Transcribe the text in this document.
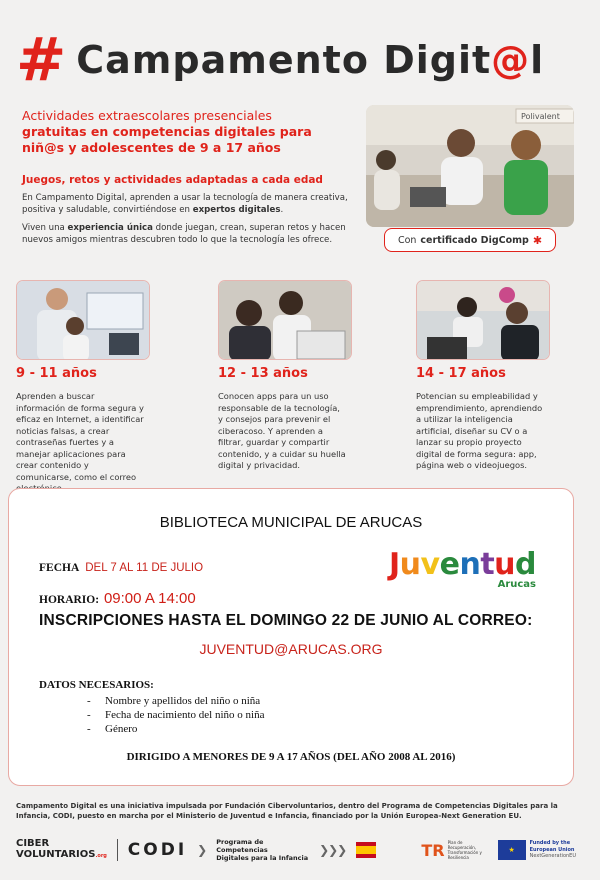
# Campamento Digit@l
Actividades extraescolares presenciales
gratuitas en competencias digitales para
niñ@s y adolescentes de 9 a 17 años
Juegos, retos y actividades adaptadas a cada edad

En Campamento Digital, aprenden a usar la tecnología de manera creativa, positiva y saludable, convirtiéndose en expertos digitales.

Viven una experiencia única donde juegan, crean, superan retos y hacen nuevos amigos mientras descubren todo lo que la tecnología les ofrece.

Polivalent
Con certificado DigComp ✱
9 - 11 años
Aprenden a buscar información de forma segura y eficaz en Internet, a identificar noticias falsas, a crear contraseñas fuertes y a manejar aplicaciones para crear contenido y comunicarse, como el correo
12 - 13 años
Conocen apps para un uso responsable de la tecnología, y consejos para prevenir el ciberacoso. Y aprenden a filtrar, guardar y compartir contenido, y a cuidar su huella digital y privacidad.
14 - 17 años
Potencian su empleabilidad y emprendimiento, aprendiendo a utilizar la inteligencia artificial, diseñar su CV o a lanzar su propio proyecto digital de forma segura: app, página web o videojuegos.
BIBLIOTECA MUNICIPAL DE ARUCAS
FECHA DEL 7 AL 11 DE JULIO
HORARIO: 09:00 A 14:00
Juventud
Arucas
INSCRIPCIONES HASTA EL DOMINGO 22 DE JUNIO AL CORREO:
JUVENTUD@ARUCAS.ORG
DATOS NECESARIOS:
- Nombre y apellidos del niño o niña
- Fecha de nacimiento del niño o niña
- Género
DIRIGIDO A MENORES DE 9 A 17 AÑOS (DEL AÑO 2008 AL 2016)
Campamento Digital es una iniciativa impulsada por Fundación Cibervoluntarios, dentro del Programa de Competencias Digitales para la Infancia, CODI, puesto en marcha por el Ministerio de Juventud e Infancia, financiado por la Unión Europea-Next Generation EU.
CIBER
VOLUNTARIOS.org CODI ❯
Programa de Competencias
Digitales para la Infancia
❯❯❯
	TR Plan de Recuperación, Transformación y Resiliencia
★
Funded by the
European Union
NextGenerationEU
